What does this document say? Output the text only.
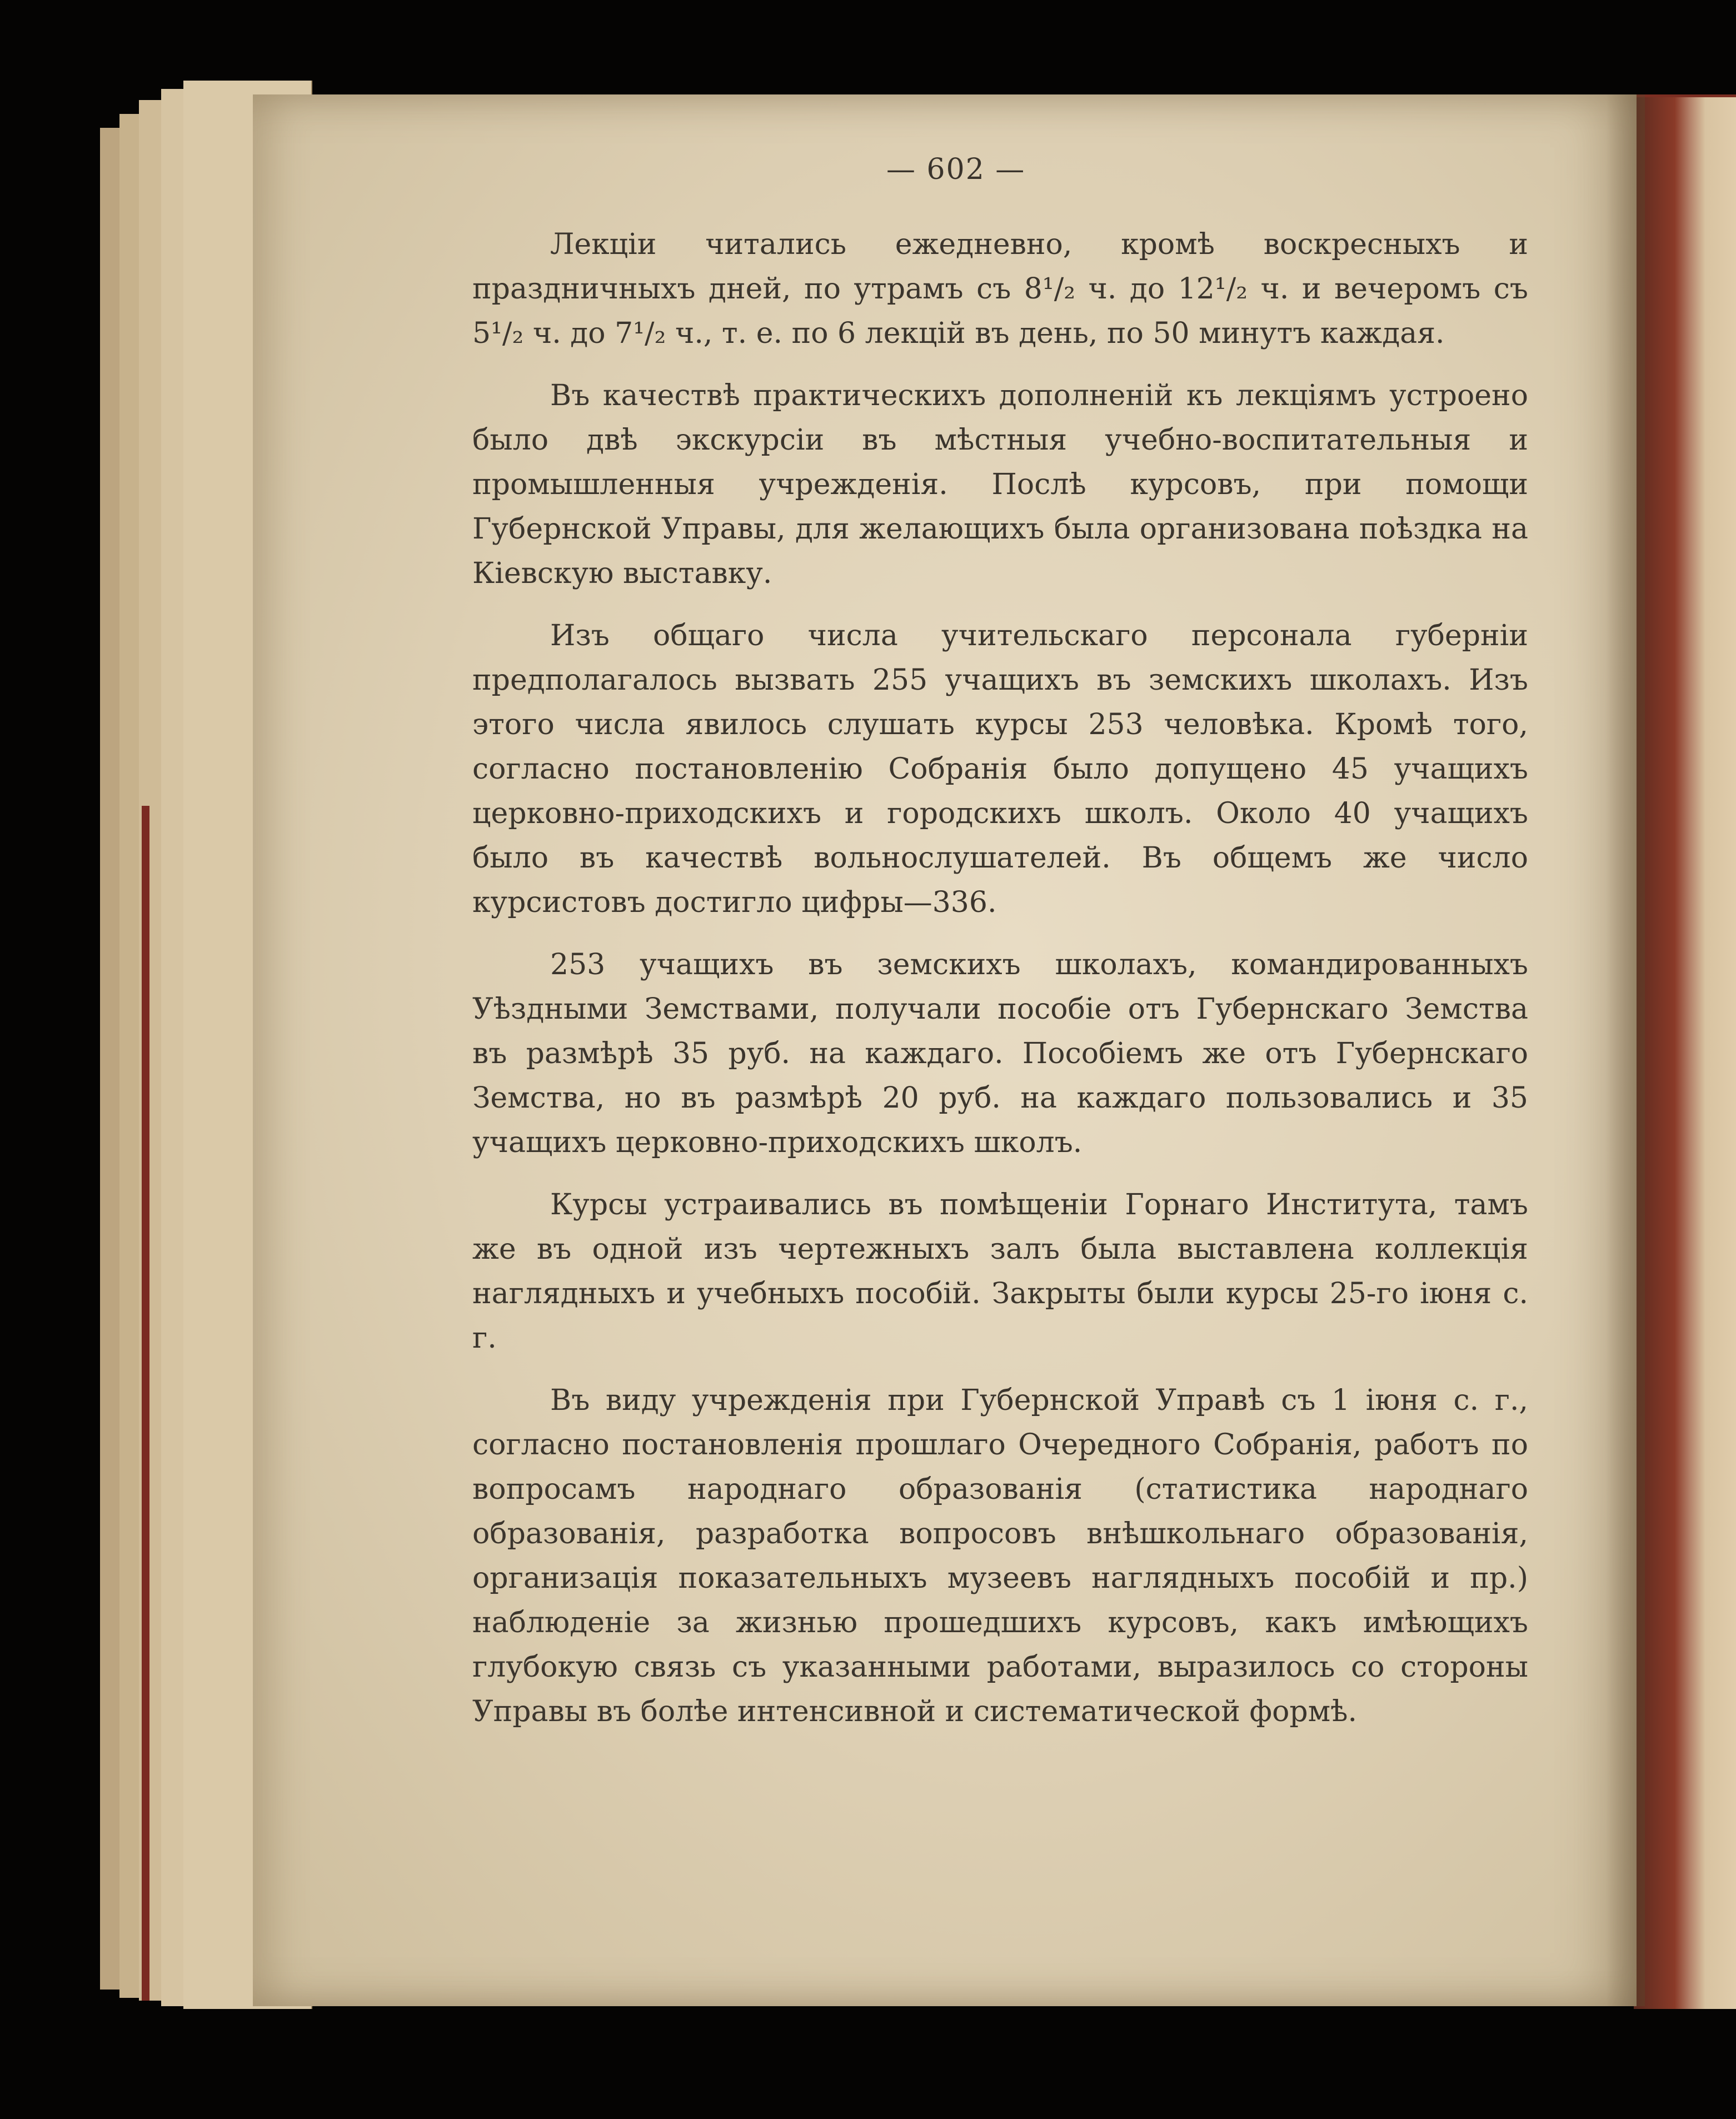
— 602 —

Лекціи читались ежедневно, кромѣ воскресныхъ и праздничныхъ дней, по утрамъ съ 8¹/₂ ч. до 12¹/₂ ч. и вечеромъ съ 5¹/₂ ч. до 7¹/₂ ч., т. е. по 6 лекцій въ день, по 50 минутъ каждая.

Въ качествѣ практическихъ дополненій къ лекціямъ устроено было двѣ экскурсіи въ мѣстныя учебно-воспитательныя и промышленныя учрежденія. Послѣ курсовъ, при помощи Губернской Управы, для желающихъ была организована поѣздка на Кіевскую выставку.

Изъ общаго числа учительскаго персонала губерніи предполагалось вызвать 255 учащихъ въ земскихъ школахъ. Изъ этого числа явилось слушать курсы 253 человѣка. Кромѣ того, согласно постановленію Собранія было допущено 45 учащихъ церковно-приходскихъ и городскихъ школъ. Около 40 учащихъ было въ качествѣ вольнослушателей. Въ общемъ же число курсистовъ достигло цифры—336.

253 учащихъ въ земскихъ школахъ, командированныхъ Уѣздными Земствами, получали пособіе отъ Губернскаго Земства въ размѣрѣ 35 руб. на каждаго. Пособіемъ же отъ Губернскаго Земства, но въ размѣрѣ 20 руб. на каждаго пользовались и 35 учащихъ церковно-приходскихъ школъ.

Курсы устраивались въ помѣщеніи Горнаго Института, тамъ же въ одной изъ чертежныхъ залъ была выставлена коллекція наглядныхъ и учебныхъ пособій. Закрыты были курсы 25-го іюня с. г.

Въ виду учрежденія при Губернской Управѣ съ 1 іюня с. г., согласно постановленія прошлаго Очередного Собранія, работъ по вопросамъ народнаго образованія (статистика народнаго образованія, разработка вопросовъ внѣшкольнаго образованія, организація показательныхъ музеевъ наглядныхъ пособій и пр.) наблюденіе за жизнью прошедшихъ курсовъ, какъ имѣющихъ глубокую связь съ указанными работами, выразилось со стороны Управы въ болѣе интенсивной и систематической формѣ.
